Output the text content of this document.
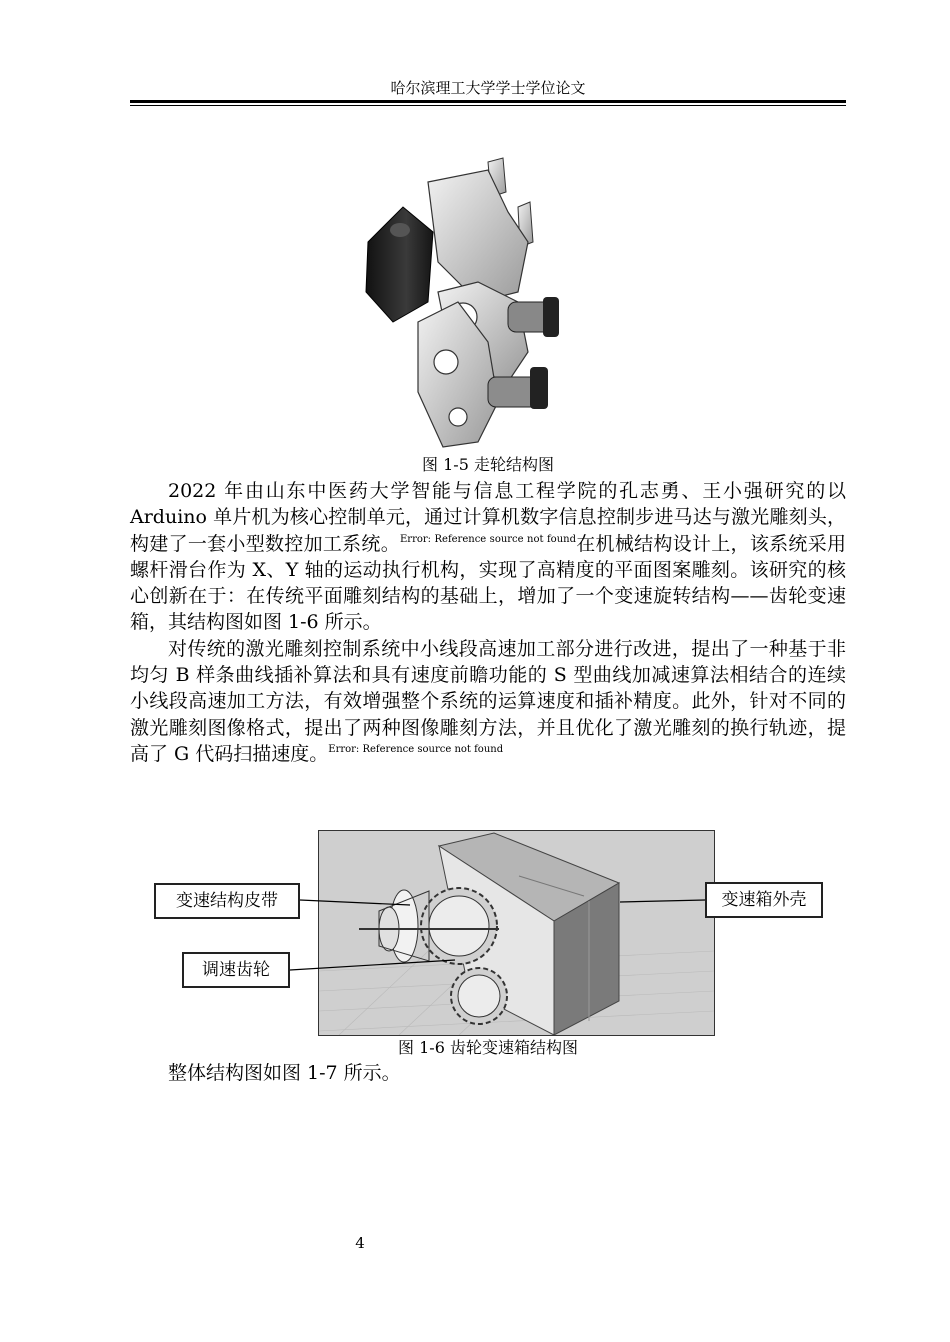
哈尔滨理工大学学士学位论文
图 1-5 走轮结构图

2022 年由山东中医药大学智能与信息工程学院的孔志勇、王小强研究的以 Arduino 单片机为核心控制单元，通过计算机数字信息控制步进马达与激光雕刻头，构建了一套小型数控加工系统。$^{Error: Reference source not found}$在机械结构设计上，该系统采用螺杆滑台作为 X、Y 轴的运动执行机构，实现了高精度的平面图案雕刻。该研究的核心创新在于：在传统平面雕刻结构的基础上，增加了一个变速旋转结构——齿轮变速箱，其结构图如图 1-6 所示。

对传统的激光雕刻控制系统中小线段高速加工部分进行改进，提出了一种基于非均匀 B 样条曲线插补算法和具有速度前瞻功能的 S 型曲线加减速算法相结合的连续小线段高速加工方法，有效增强整个系统的运算速度和插补精度。此外，针对不同的激光雕刻图像格式，提出了两种图像雕刻方法，并且优化了激光雕刻的换行轨迹，提高了 G 代码扫描速度。$^{Error: Reference source not found}$

变速结构皮带
调速齿轮
变速箱外壳
图 1-6 齿轮变速箱结构图

整体结构图如图 1-7 所示。

4
